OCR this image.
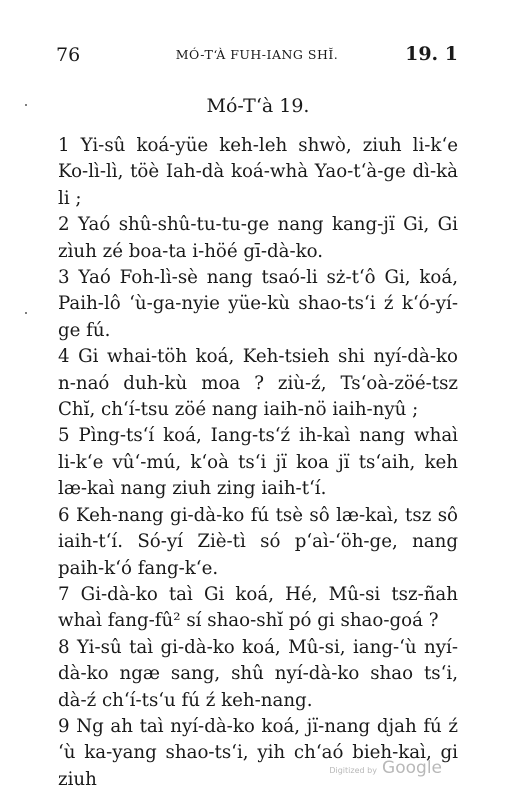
76	MÓ-T‘À FUH-IANG SHĬ.	19. 1
Mó-T‘à 19.

1 Yi-sû koá-yüe keh-leh shwò, ziuh li-k‘e Ko-lì-lì, töè Iah-dà koá-whà Yao-t‘à-ge dì-kà li ;

2 Yaó shû-shû-tu-tu-ge nang kang-jï Gi, Gi zìuh zé boa-ta i-höé gī-dà-ko.

3 Yaó Foh-lì-sè nang tsaó-li sż-t‘ô Gi, koá, Paih-lô ‘ù-ga-nyie yüe-kù shao-ts‘i ź k‘ó-yí-ge fú.

4 Gi whai-töh koá, Keh-tsieh shi nyí-dà-ko n-naó duh-kù moa ? ziù-ź, Ts‘oà-zöé-tsz Chĭ, ch‘í-tsu zöé nang iaih-nö iaih-nyû ;

5 Pìng-ts‘í koá, Iang-ts‘ź ih-kaì nang whaì li-k‘e vû‘-mú, k‘oà ts‘i jï koa jï ts‘aih, keh læ-kaì nang ziuh zing iaih-t‘í.

6 Keh-nang gi-dà-ko fú tsè sô læ-kaì, tsz sô iaih-t‘í. Só-yí Ziè-tì só p‘aì-‘öh-ge, nang paih-k‘ó fang-k‘e.

7 Gi-dà-ko taì Gi koá, Hé, Mû-si tsz-ñah whaì fang-fû² sí shao-shĭ pó gi shao-goá ?

8 Yi-sû taì gi-dà-ko koá, Mû-si, iang-‘ù nyí-dà-ko ngæ sang, shû nyí-dà-ko shao ts‘i, dà-ź ch‘í-ts‘u fú ź keh-nang.

9 Ng ah taì nyí-dà-ko koá, jï-nang djah fú ź ‘ù ka-yang shao-ts‘i, yih ch‘aó bieh-kaì, gi ziuh	Digitized by Google
